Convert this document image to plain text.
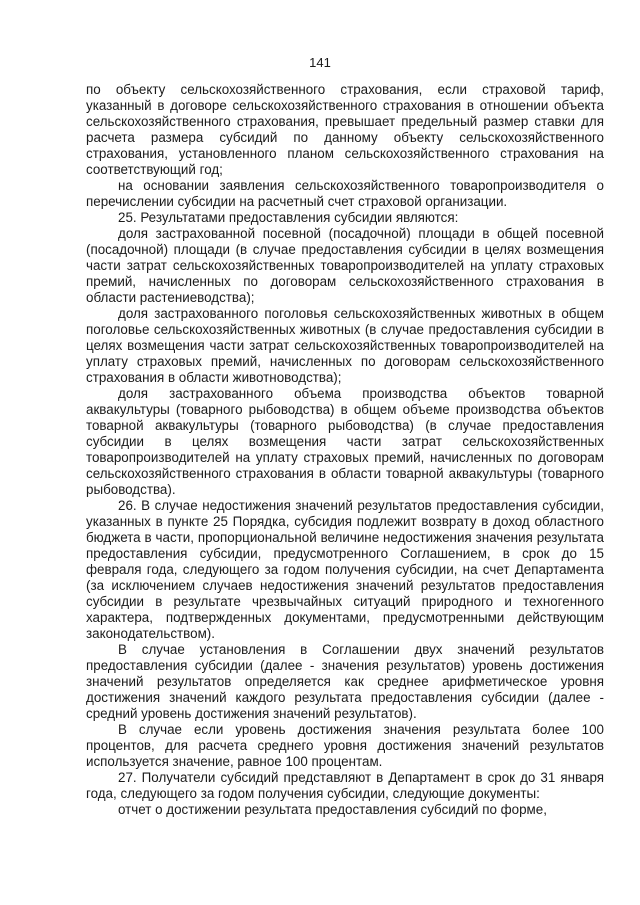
141

по объекту сельскохозяйственного страхования, если страховой тариф, указанный в договоре сельскохозяйственного страхования в отношении объекта сельскохозяйственного страхования, превышает предельный размер ставки для расчета размера субсидий по данному объекту сельскохозяйственного страхования, установленного планом сельскохозяйственного страхования на соответствующий год;

на основании заявления сельскохозяйственного товаропроизводителя о перечислении субсидии на расчетный счет страховой организации.

25. Результатами предоставления субсидии являются:

доля застрахованной посевной (посадочной) площади в общей посевной (посадочной) площади (в случае предоставления субсидии в целях возмещения части затрат сельскохозяйственных товаропроизводителей на уплату страховых премий, начисленных по договорам сельскохозяйственного страхования в области растениеводства);

доля застрахованного поголовья сельскохозяйственных животных в общем поголовье сельскохозяйственных животных (в случае предоставления субсидии в целях возмещения части затрат сельскохозяйственных товаропроизводителей на уплату страховых премий, начисленных по договорам сельскохозяйственного страхования в области животноводства);

доля застрахованного объема производства объектов товарной аквакультуры (товарного рыбоводства) в общем объеме производства объектов товарной аквакультуры (товарного рыбоводства) (в случае предоставления субсидии в целях возмещения части затрат сельскохозяйственных товаропроизводителей на уплату страховых премий, начисленных по договорам сельскохозяйственного страхования в области товарной аквакультуры (товарного рыбоводства).

26. В случае недостижения значений результатов предоставления субсидии, указанных в пункте 25 Порядка, субсидия подлежит возврату в доход областного бюджета в части, пропорциональной величине недостижения значения результата предоставления субсидии, предусмотренного Соглашением, в срок до 15 февраля года, следующего за годом получения субсидии, на счет Департамента (за исключением случаев недостижения значений результатов предоставления субсидии в результате чрезвычайных ситуаций природного и техногенного характера, подтвержденных документами, предусмотренными действующим законодательством).

В случае установления в Соглашении двух значений результатов предоставления субсидии (далее - значения результатов) уровень достижения значений результатов определяется как среднее арифметическое уровня достижения значений каждого результата предоставления субсидии (далее - средний уровень достижения значений результатов).

В случае если уровень достижения значения результата более 100 процентов, для расчета среднего уровня достижения значений результатов используется значение, равное 100 процентам.

27. Получатели субсидий представляют в Департамент в срок до 31 января года, следующего за годом получения субсидии, следующие документы:

отчет о достижении результата предоставления субсидий по форме,
